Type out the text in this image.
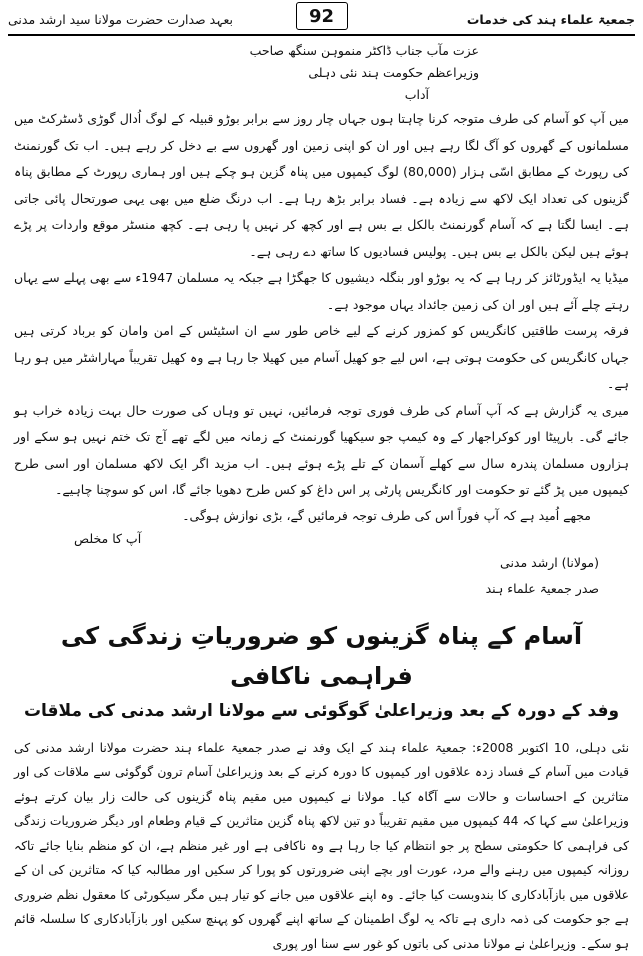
بعہد صدارت حضرت مولانا سید ارشد مدنی	جمعیۃ علماء ہند کی خدمات
92
عزت مآب جناب ڈاکٹر منموہن سنگھ صاحب
وزیراعظم حکومت ہند نئی دہلی
آداب
میں آپ کو آسام کی طرف متوجہ کرنا چاہتا ہوں جہاں چار روز سے برابر بوڑو قبیلہ کے لوگ اُدال گوڑی ڈسٹرکٹ میں مسلمانوں کے گھروں کو آگ لگا رہے ہیں اور ان کو اپنی زمین اور گھروں سے بے دخل کر رہے ہیں۔ اب تک گورنمنٹ کی رپورٹ کے مطابق اسّی ہزار (80,000) لوگ کیمپوں میں پناہ گزین ہو چکے ہیں اور ہماری رپورٹ کے مطابق پناہ گزینوں کی تعداد ایک لاکھ سے زیادہ ہے۔ فساد برابر بڑھ رہا ہے۔ اب درنگ ضلع میں بھی یہی صورتحال پائی جاتی ہے۔ ایسا لگتا ہے کہ آسام گورنمنٹ بالکل بے بس ہے اور کچھ کر نہیں پا رہی ہے۔ کچھ منسٹر موقع واردات پر پڑے ہوئے ہیں لیکن بالکل بے بس ہیں۔ پولیس فسادیوں کا ساتھ دے رہی ہے۔
میڈیا یہ ایڈورٹائز کر رہا ہے کہ یہ بوڑو اور بنگلہ دیشیوں کا جھگڑا ہے جبکہ یہ مسلمان 1947ء سے بھی پہلے سے یہاں رہتے چلے آئے ہیں اور ان کی زمین جائداد یہاں موجود ہے۔
فرقہ پرست طاقتیں کانگریس کو کمزور کرنے کے لیے خاص طور سے ان اسٹیٹس کے امن وامان کو برباد کرتی ہیں جہاں کانگریس کی حکومت ہوتی ہے، اس لیے جو کھیل آسام میں کھیلا جا رہا ہے وہ کھیل تقریباً مہاراشٹر میں ہو رہا ہے۔
میری یہ گزارش ہے کہ آپ آسام کی طرف فوری توجہ فرمائیں، نہیں تو وہاں کی صورت حال بہت زیادہ خراب ہو جائے گی۔ بارپیٹا اور کوکراجھار کے وہ کیمپ جو سیکھیا گورنمنٹ کے زمانہ میں لگے تھے آج تک ختم نہیں ہو سکے اور ہزاروں مسلمان پندرہ سال سے کھلے آسمان کے تلے پڑے ہوئے ہیں۔ اب مزید اگر ایک لاکھ مسلمان اور اسی طرح کیمپوں میں پڑ گئے تو حکومت اور کانگریس پارٹی پر اس داغ کو کس طرح دھویا جائے گا، اس کو سوچنا چاہیے۔
مجھے اُمید ہے کہ آپ فوراً اس کی طرف توجہ فرمائیں گے، بڑی نوازش ہوگی۔
آپ کا مخلص
(مولانا) ارشد مدنی
صدر جمعیۃ علماء ہند
آسام کے پناہ گزینوں کو ضروریاتِ زندگی کی فراہمی ناکافی
وفد کے دورہ کے بعد وزیراعلیٰ گوگوئی سے مولانا ارشد مدنی کی ملاقات
نئی دہلی، 10 اکتوبر 2008ء: جمعیۃ علماء ہند کے ایک وفد نے صدر جمعیۃ علماء ہند حضرت مولانا ارشد مدنی کی قیادت میں آسام کے فساد زدہ علاقوں اور کیمپوں کا دورہ کرنے کے بعد وزیراعلیٰ آسام ترون گوگوئی سے ملاقات کی اور متاثرین کے احساسات و حالات سے آگاہ کیا۔ مولانا نے کیمپوں میں مقیم پناہ گزینوں کی حالت زار بیان کرتے ہوئے وزیراعلیٰ سے کہا کہ 44 کیمپوں میں مقیم تقریباً دو تین لاکھ پناہ گزین متاثرین کے قیام وطعام اور دیگر ضروریات زندگی کی فراہمی کا حکومتی سطح پر جو انتظام کیا جا رہا ہے وہ ناکافی ہے اور غیر منظم ہے، ان کو منظم بنایا جائے تاکہ روزانہ کیمپوں میں رہنے والے مرد، عورت اور بچے اپنی ضرورتوں کو پورا کر سکیں اور مطالبہ کیا کہ متاثرین کی ان کے علاقوں میں بازآبادکاری کا بندوبست کیا جائے۔ وہ اپنے علاقوں میں جانے کو تیار ہیں مگر سیکورٹی کا معقول نظم ضروری ہے جو حکومت کی ذمہ داری ہے تاکہ یہ لوگ اطمینان کے ساتھ اپنے گھروں کو پہنچ سکیں اور بازآبادکاری کا سلسلہ قائم ہو سکے۔ وزیراعلیٰ نے مولانا مدنی کی باتوں کو غور سے سنا اور پوری
